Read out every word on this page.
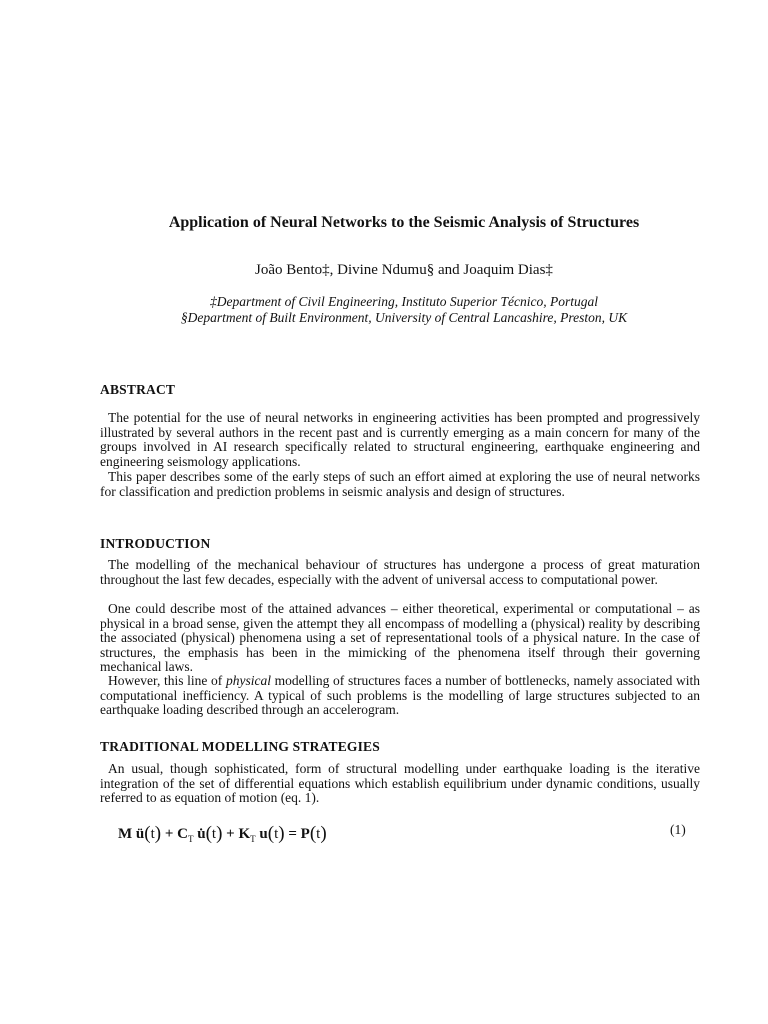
Application of Neural Networks to the Seismic Analysis of Structures

João Bento‡, Divine Ndumu§ and Joaquim Dias‡

‡Department of Civil Engineering, Instituto Superior Técnico, Portugal

§Department of Built Environment, University of Central Lancashire, Preston, UK

ABSTRACT

The potential for the use of neural networks in engineering activities has been prompted and progressively illustrated by several authors in the recent past and is currently emerging as a main concern for many of the groups involved in AI research specifically related to structural engineering, earthquake engineering and engineering seismology applications.

This paper describes some of the early steps of such an effort aimed at exploring the use of neural networks for classification and prediction problems in seismic analysis and design of structures.

INTRODUCTION

The modelling of the mechanical behaviour of structures has undergone a process of great maturation throughout the last few decades, especially with the advent of universal access to computational power.

One could describe most of the attained advances – either theoretical, experimental or computational – as physical in a broad sense, given the attempt they all encompass of modelling a (physical) reality by describing the associated (physical) phenomena using a set of representational tools of a physical nature. In the case of structures, the emphasis has been in the mimicking of the phenomena itself through their governing mechanical laws.

However, this line of physical modelling of structures faces a number of bottlenecks, namely associated with computational inefficiency. A typical of such problems is the modelling of large structures subjected to an earthquake loading described through an accelerogram.

TRADITIONAL MODELLING STRATEGIES

An usual, though sophisticated, form of structural modelling under earthquake loading is the iterative integration of the set of differential equations which establish equilibrium under dynamic conditions, usually referred to as equation of motion (eq. 1).

M ü(t) + $C_T$ u̇(t) + $K_T$ u(t) = P(t)	(1)
